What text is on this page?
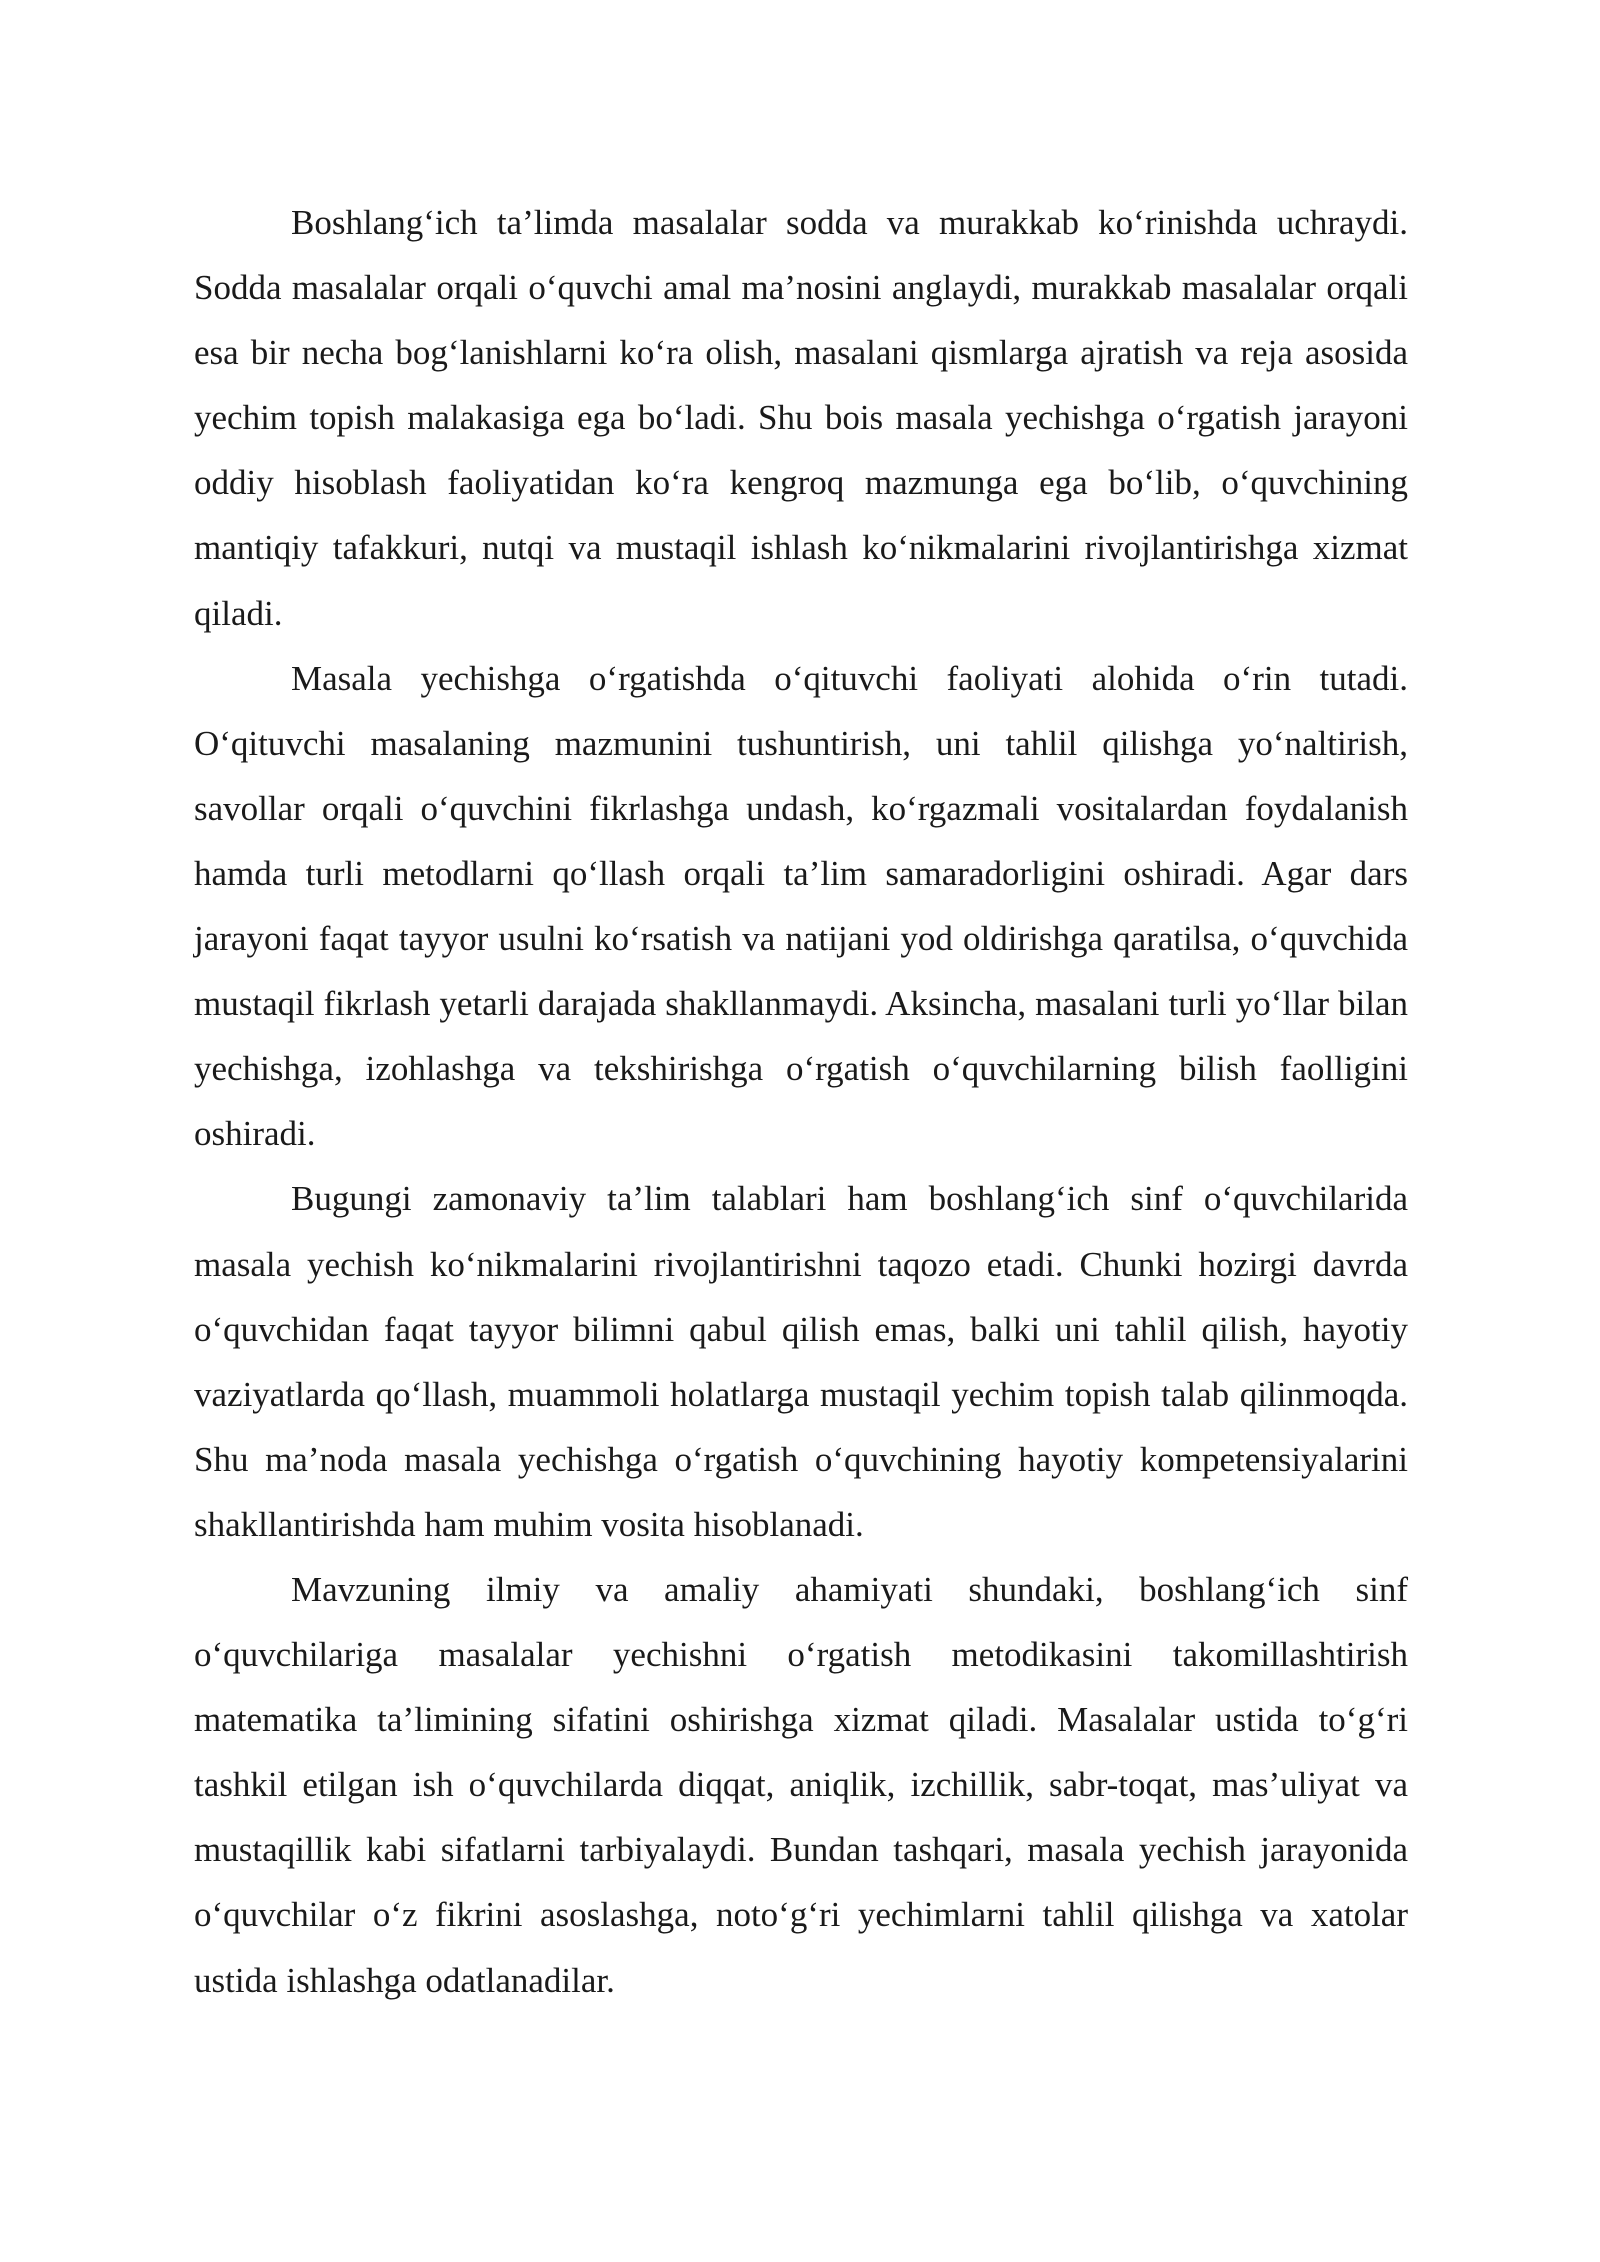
Boshlang‘ich ta’limda masalalar sodda va murakkab ko‘rinishda uchraydi. Sodda masalalar orqali o‘quvchi amal ma’nosini anglaydi, murakkab masalalar orqali esa bir necha bog‘lanishlarni ko‘ra olish, masalani qismlarga ajratish va reja asosida yechim topish malakasiga ega bo‘ladi. Shu bois masala yechishga o‘rgatish jarayoni oddiy hisoblash faoliyatidan ko‘ra kengroq mazmunga ega bo‘lib, o‘quvchining mantiqiy tafakkuri, nutqi va mustaqil ishlash ko‘nikmalarini rivojlantirishga xizmat qiladi.

Masala yechishga o‘rgatishda o‘qituvchi faoliyati alohida o‘rin tutadi. O‘qituvchi masalaning mazmunini tushuntirish, uni tahlil qilishga yo‘naltirish, savollar orqali o‘quvchini fikrlashga undash, ko‘rgazmali vositalardan foydalanish hamda turli metodlarni qo‘llash orqali ta’lim samaradorligini oshiradi. Agar dars jarayoni faqat tayyor usulni ko‘rsatish va natijani yod oldirishga qaratilsa, o‘quvchida mustaqil fikrlash yetarli darajada shakllanmaydi. Aksincha, masalani turli yo‘llar bilan yechishga, izohlashga va tekshirishga o‘rgatish o‘quvchilarning bilish faolligini oshiradi.

Bugungi zamonaviy ta’lim talablari ham boshlang‘ich sinf o‘quvchilarida masala yechish ko‘nikmalarini rivojlantirishni taqozo etadi. Chunki hozirgi davrda o‘quvchidan faqat tayyor bilimni qabul qilish emas, balki uni tahlil qilish, hayotiy vaziyatlarda qo‘llash, muammoli holatlarga mustaqil yechim topish talab qilinmoqda. Shu ma’noda masala yechishga o‘rgatish o‘quvchining hayotiy kompetensiyalarini shakllantirishda ham muhim vosita hisoblanadi.

Mavzuning ilmiy va amaliy ahamiyati shundaki, boshlang‘ich sinf o‘quvchilariga masalalar yechishni o‘rgatish metodikasini takomillashtirish matematika ta’limining sifatini oshirishga xizmat qiladi. Masalalar ustida to‘g‘ri tashkil etilgan ish o‘quvchilarda diqqat, aniqlik, izchillik, sabr-toqat, mas’uliyat va mustaqillik kabi sifatlarni tarbiyalaydi. Bundan tashqari, masala yechish jarayonida o‘quvchilar o‘z fikrini asoslashga, noto‘g‘ri yechimlarni tahlil qilishga va xatolar ustida ishlashga odatlanadilar.
